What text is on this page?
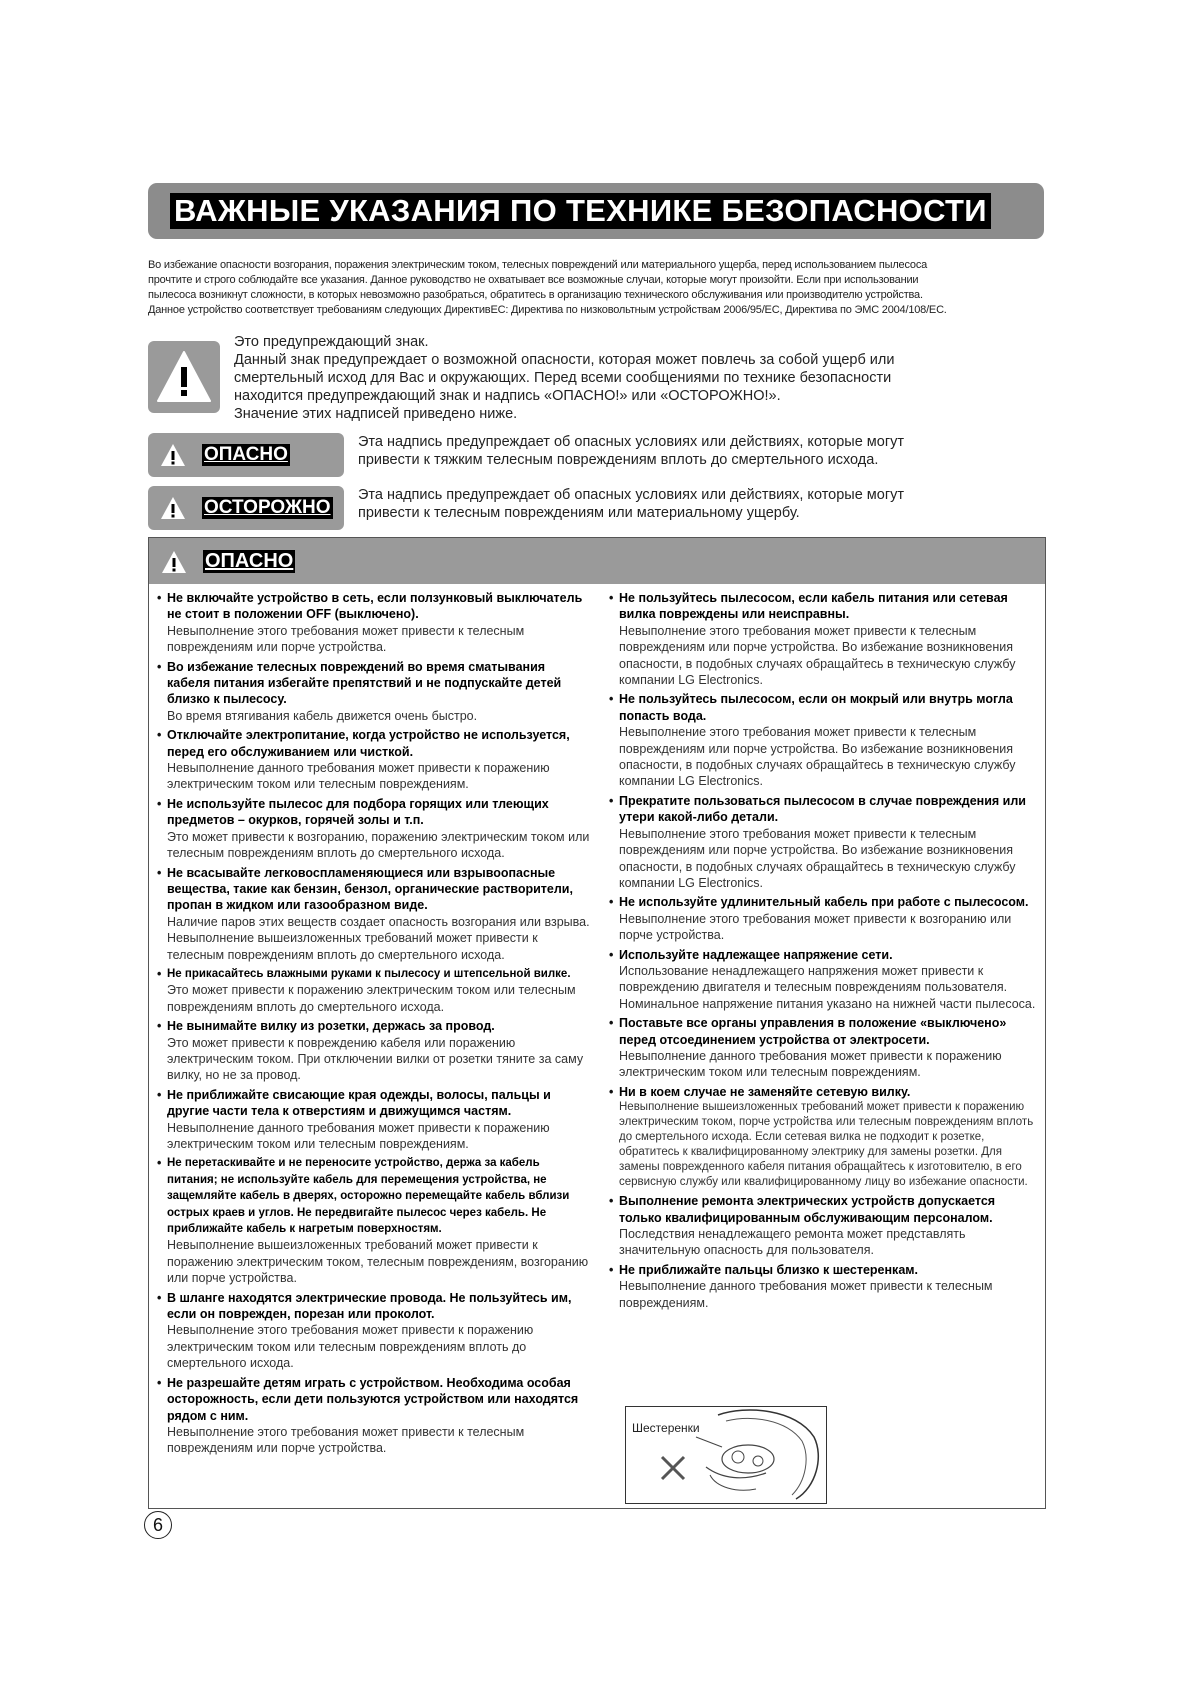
ВАЖНЫЕ УКАЗАНИЯ ПО ТЕХНИКЕ БЕЗОПАСНОСТИ

Во избежание опасности возгорания, поражения электрическим током, телесных повреждений или материального ущерба, перед использованием пылесоса

прочтите и строго соблюдайте все указания. Данное руководство не охватывает все возможные случаи, которые могут произойти. Если при использовании

пылесоса возникнут сложности, в которых невозможно разобраться, обратитесь в организацию технического обслуживания или производителю устройства.

Данное устройство соответствует требованиям следующих ДирективЕС: Директива по низковольтным устройствам 2006/95/ЕС, Директива по ЭМС 2004/108/ЕС.

Это предупреждающий знак.

Данный знак предупреждает о возможной опасности, которая может повлечь за собой ущерб или

смертельный исход для Вас и окружающих. Перед всеми сообщениями по технике безопасности

находится предупреждающий знак и надпись «ОПАСНО!» или «ОСТОРОЖНО!».

Значение этих надписей приведено ниже.

ОПАСНО
Эта надпись предупреждает об опасных условиях или действиях, которые могут
привести к тяжким телесным повреждениям вплоть до смертельного исхода.
ОСТОРОЖНО
Эта надпись предупреждает об опасных условиях или действиях, которые могут
привести к телесным повреждениям или материальному ущербу.
ОПАСНО
• Не включайте устройство в сеть, если ползунковый выключатель не стоит в положении OFF (выключено).
Невыполнение этого требования может привести к телесным повреждениям или порче устройства.
• Во избежание телесных повреждений во время сматывания кабеля питания избегайте препятствий и не подпускайте детей близко к пылесосу.
Во время втягивания кабель движется очень быстро.
• Отключайте электропитание, когда устройство не используется, перед его обслуживанием или чисткой.
Невыполнение данного требования может привести к поражению электрическим током или телесным повреждениям.
• Не используйте пылесос для подбора горящих или тлеющих предметов – окурков, горячей золы и т.п.
Это может привести к возгоранию, поражению электрическим током или телесным повреждениям вплоть до смертельного исхода.
• Не всасывайте легковоспламеняющиеся или взрывоопасные вещества, такие как бензин, бензол, органические растворители, пропан в жидком или газообразном виде.
Наличие паров этих веществ создает опасность возгорания или взрыва. Невыполнение вышеизложенных требований может привести к телесным повреждениям вплоть до смертельного исхода.
• Не прикасайтесь влажными руками к пылесосу и штепсельной вилке.
Это может привести к поражению электрическим током или телесным повреждениям вплоть до смертельного исхода.
• Не вынимайте вилку из розетки, держась за провод.
Это может привести к повреждению кабеля или поражению электрическим током. При отключении вилки от розетки тяните за саму вилку, но не за провод.
• Не приближайте свисающие края одежды, волосы, пальцы и другие части тела к отверстиям и движущимся частям.
Невыполнение данного требования может привести к поражению электрическим током или телесным повреждениям.
• Не перетаскивайте и не переносите устройство, держа за кабель питания; не используйте кабель для перемещения устройства, не защемляйте кабель в дверях, осторожно перемещайте кабель вблизи острых краев и углов. Не передвигайте пылесос через кабель. Не приближайте кабель к нагретым поверхностям.
Невыполнение вышеизложенных требований может привести к поражению электрическим током, телесным повреждениям, возгоранию или порче устройства.
• В шланге находятся электрические провода. Не пользуйтесь им, если он поврежден, порезан или проколот.
Невыполнение этого требования может привести к поражению электрическим током или телесным повреждениям вплоть до смертельного исхода.
• Не разрешайте детям играть с устройством. Необходима особая осторожность, если дети пользуются устройством или находятся рядом с ним.
Невыполнение этого требования может привести к телесным повреждениям или порче устройства.
• Не пользуйтесь пылесосом, если кабель питания или сетевая вилка повреждены или неисправны.
Невыполнение этого требования может привести к телесным повреждениям или порче устройства. Во избежание возникновения опасности, в подобных случаях обращайтесь в техническую службу компании LG Electronics.
• Не пользуйтесь пылесосом, если он мокрый или внутрь могла попасть вода.
Невыполнение этого требования может привести к телесным повреждениям или порче устройства. Во избежание возникновения опасности, в подобных случаях обращайтесь в техническую службу компании LG Electronics.
• Прекратите пользоваться пылесосом в случае повреждения или утери какой-либо детали.
Невыполнение этого требования может привести к телесным повреждениям или порче устройства. Во избежание возникновения опасности, в подобных случаях обращайтесь в техническую службу компании LG Electronics.
• Не используйте удлинительный кабель при работе с пылесосом.
Невыполнение этого требования может привести к возгоранию или порче устройства.
• Используйте надлежащее напряжение сети.
Использование ненадлежащего напряжения может привести к повреждению двигателя и телесным повреждениям пользователя. Номинальное напряжение питания указано на нижней части пылесоса.
• Поставьте все органы управления в положение «выключено» перед отсоединением устройства от электросети.
Невыполнение данного требования может привести к поражению электрическим током или телесным повреждениям.
• Ни в коем случае не заменяйте сетевую вилку.
Невыполнение вышеизложенных требований может привести к поражению электрическим током, порче устройства или телесным повреждениям вплоть до смертельного исхода. Если сетевая вилка не подходит к розетке, обратитесь к квалифицированному электрику для замены розетки. Для замены поврежденного кабеля питания обращайтесь к изготовителю, в его сервисную службу или квалифицированному лицу во избежание опасности.
• Выполнение ремонта электрических устройств допускается только квалифицированным обслуживающим персоналом.
Последствия ненадлежащего ремонта может представлять значительную опасность для пользователя.
• Не приближайте пальцы близко к шестеренкам.
Невыполнение данного требования может привести к телесным повреждениям.
Шестеренки
6
